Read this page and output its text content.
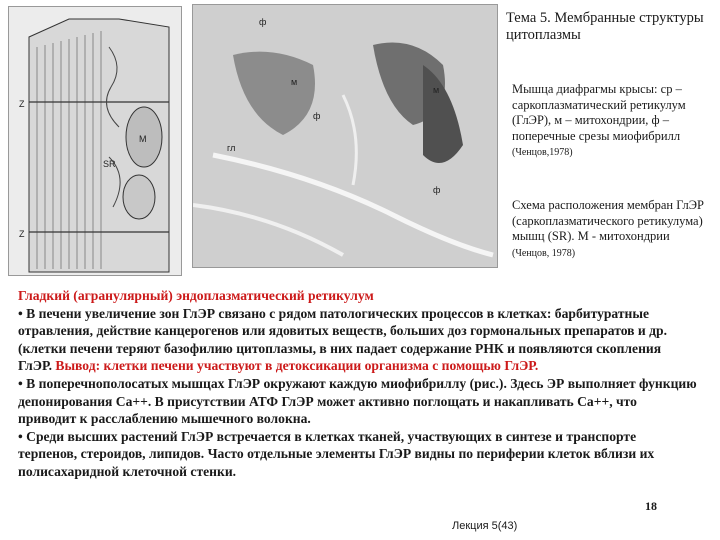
Z
M
SR
Z
ф
м
м
ф
ф
гл
Тема 5. Мембранные структуры цитоплазмы
Мышца диафрагмы крысы: ср – саркоплазматический ретикулум (ГлЭР), м – митохондрии, ф – поперечные срезы миофибрилл (Ченцов,1978)
Схема расположения мембран ГлЭР (саркоплазматического ретикулума) мышц (SR). М - митохондрии
(Ченцов, 1978)

Гладкий (агранулярный) эндоплазматический ретикулум

• В печени увеличение зон ГлЭР связано с рядом патологических процессов в клетках: барбитуратные отравления, действие канцерогенов или ядовитых веществ, больших доз гормональных препаратов и др. (клетки печени теряют базофилию цитоплазмы, в них падает содержание РНК и появляются скопления ГлЭР. Вывод: клетки печени участвуют в детоксикации организма с помощью ГлЭР.

• В поперечнополосатых мышцах ГлЭР окружают каждую миофибриллу (рис.). Здесь ЭР выполняет функцию депонирования Са++. В присутствии АТФ ГлЭР может активно поглощать и накапливать Са++, что приводит к расслаблению мышечного волокна.

• Среди высших растений ГлЭР встречается в клетках тканей, участвующих в синтезе и транспорте терпенов, стероидов, липидов. Часто отдельные элементы ГлЭР видны по периферии клеток вблизи их полисахаридной клеточной стенки.

18
Лекция 5(43)
